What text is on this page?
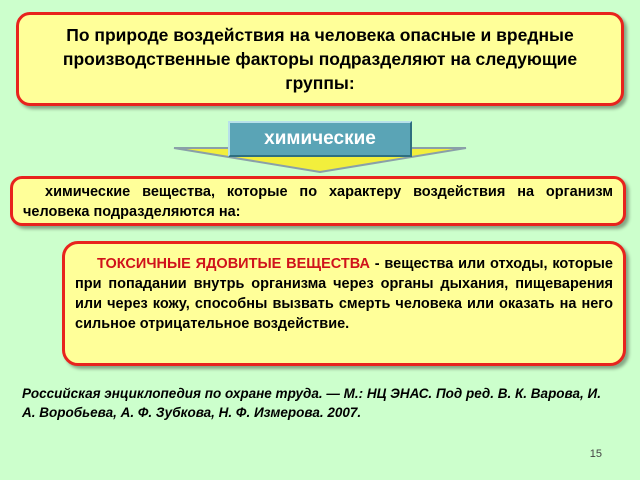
По природе воздействия на человека опасные и вредные производственные факторы подразделяют на следующие группы:
химические
химические вещества, которые по характеру воздействия на организм человека подразделяются на:
ТОКСИЧНЫЕ ЯДОВИТЫЕ ВЕЩЕСТВА - вещества или отходы, которые при попадании внутрь организма через органы дыхания, пищеварения или через кожу, способны вызвать смерть человека или оказать на него сильное отрицательное воздействие.
Российская энциклопедия по охране труда. — М.: НЦ ЭНАС. Под ред. В. К. Варова, И. А. Воробьева, А. Ф. Зубкова, Н. Ф. Измерова. 2007.
15
